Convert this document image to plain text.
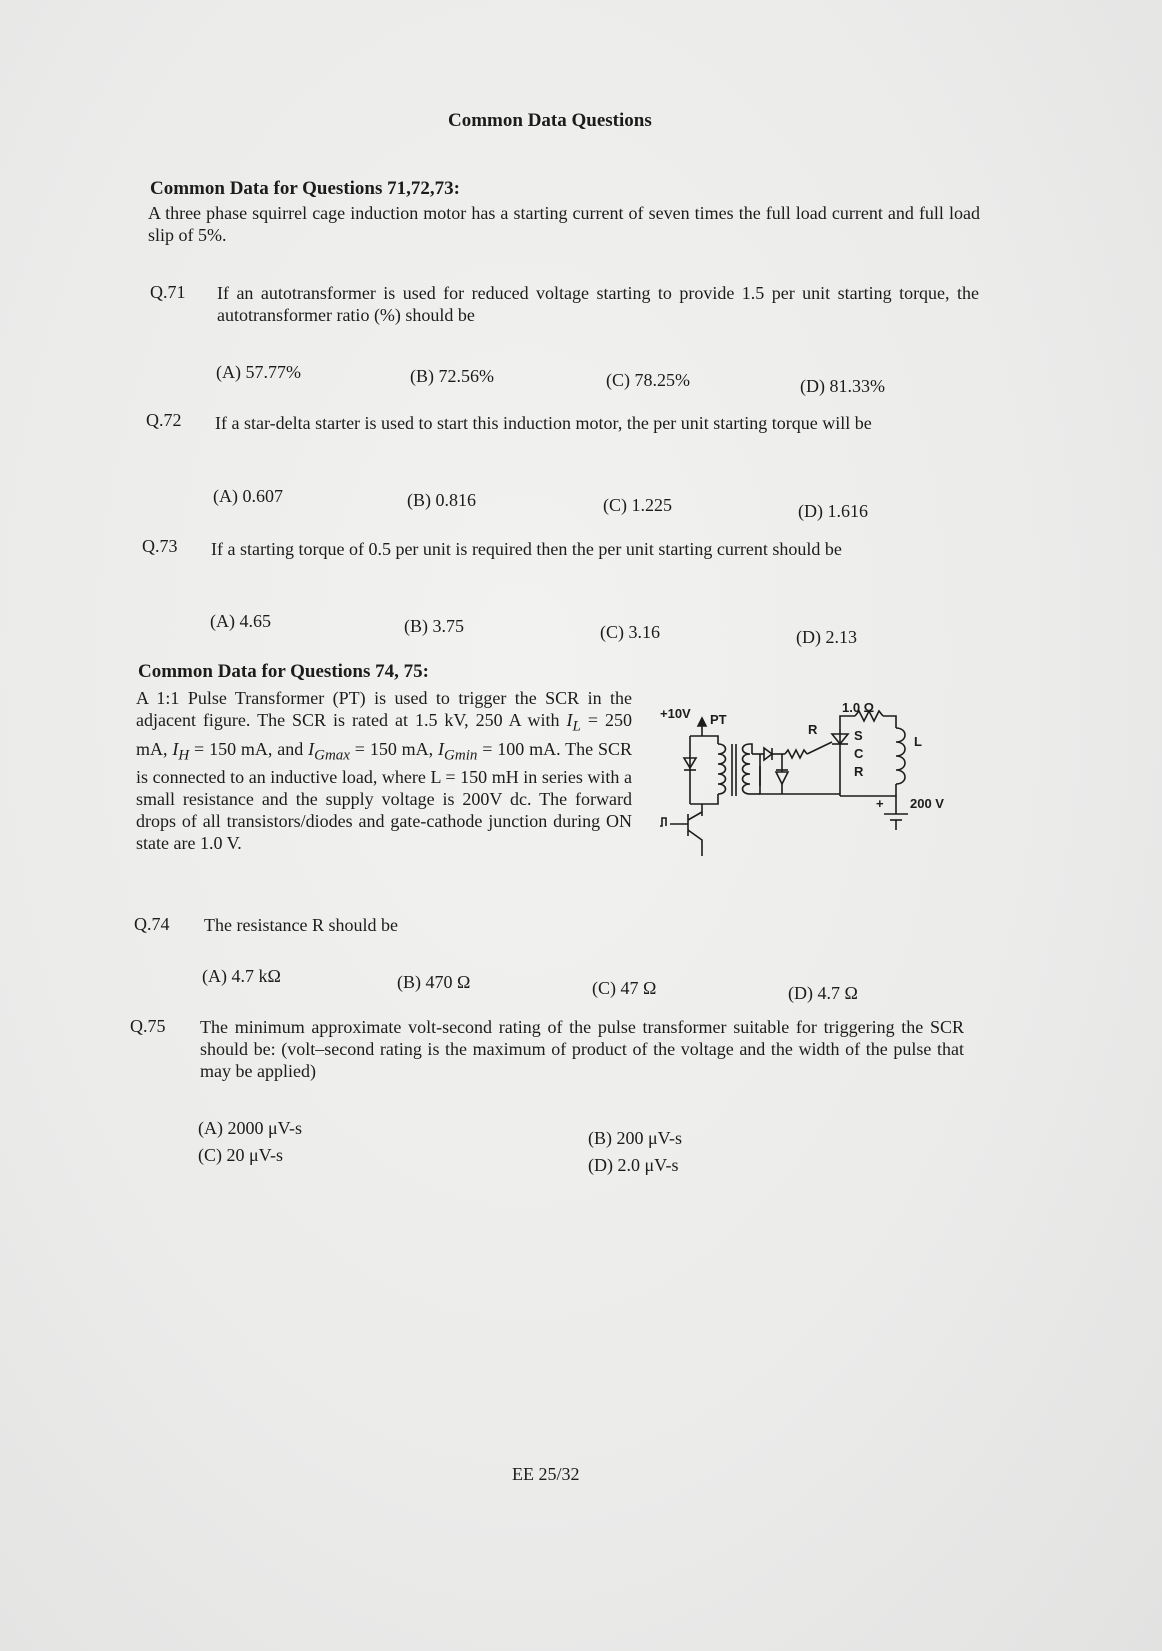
Common Data Questions
Common Data for Questions 71,72,73:
A three phase squirrel cage induction motor has a starting current of seven times the full load current and full load slip of 5%.
Q.71 If an autotransformer is used for reduced voltage starting to provide 1.5 per unit starting torque, the autotransformer ratio (%) should be
(A) 57.77%	(B) 72.56%	(C) 78.25%	(D) 81.33%
Q.72 If a star-delta starter is used to start this induction motor, the per unit starting torque will be
(A) 0.607	(B) 0.816	(C) 1.225	(D) 1.616
Q.73 If a starting torque of 0.5 per unit is required then the per unit starting current should be
(A) 4.65	(B) 3.75	(C) 3.16	(D) 2.13
Common Data for Questions 74, 75:
A 1:1 Pulse Transformer (PT) is used to trigger the SCR in the adjacent figure. The SCR is rated at 1.5 kV, 250 A with $I_L = 250$ mA, $I_H = 150$ mA, and $I_{Gmax} = 150$ mA, $I_{Gmin} = 100$ mA. The SCR is connected to an inductive load, where L = 150 mH in series with a small resistance and the supply voltage is 200V dc. The forward drops of all transistors/diodes and gate-cathode junction during ON state are 1.0 V.
1.0 Ω
+10V PT
R	S
C
R
L
+ 200 V
Q.74 The resistance R should be
(A) 4.7 kΩ	(B) 470 Ω	(C) 47 Ω	(D) 4.7 Ω
Q.75 The minimum approximate volt-second rating of the pulse transformer suitable for triggering the SCR should be: (volt–second rating is the maximum of product of the voltage and the width of the pulse that may be applied)
(A) 2000 μV-s
(C) 20 μV-s
(B) 200 μV-s
(D) 2.0 μV-s
EE 25/32
